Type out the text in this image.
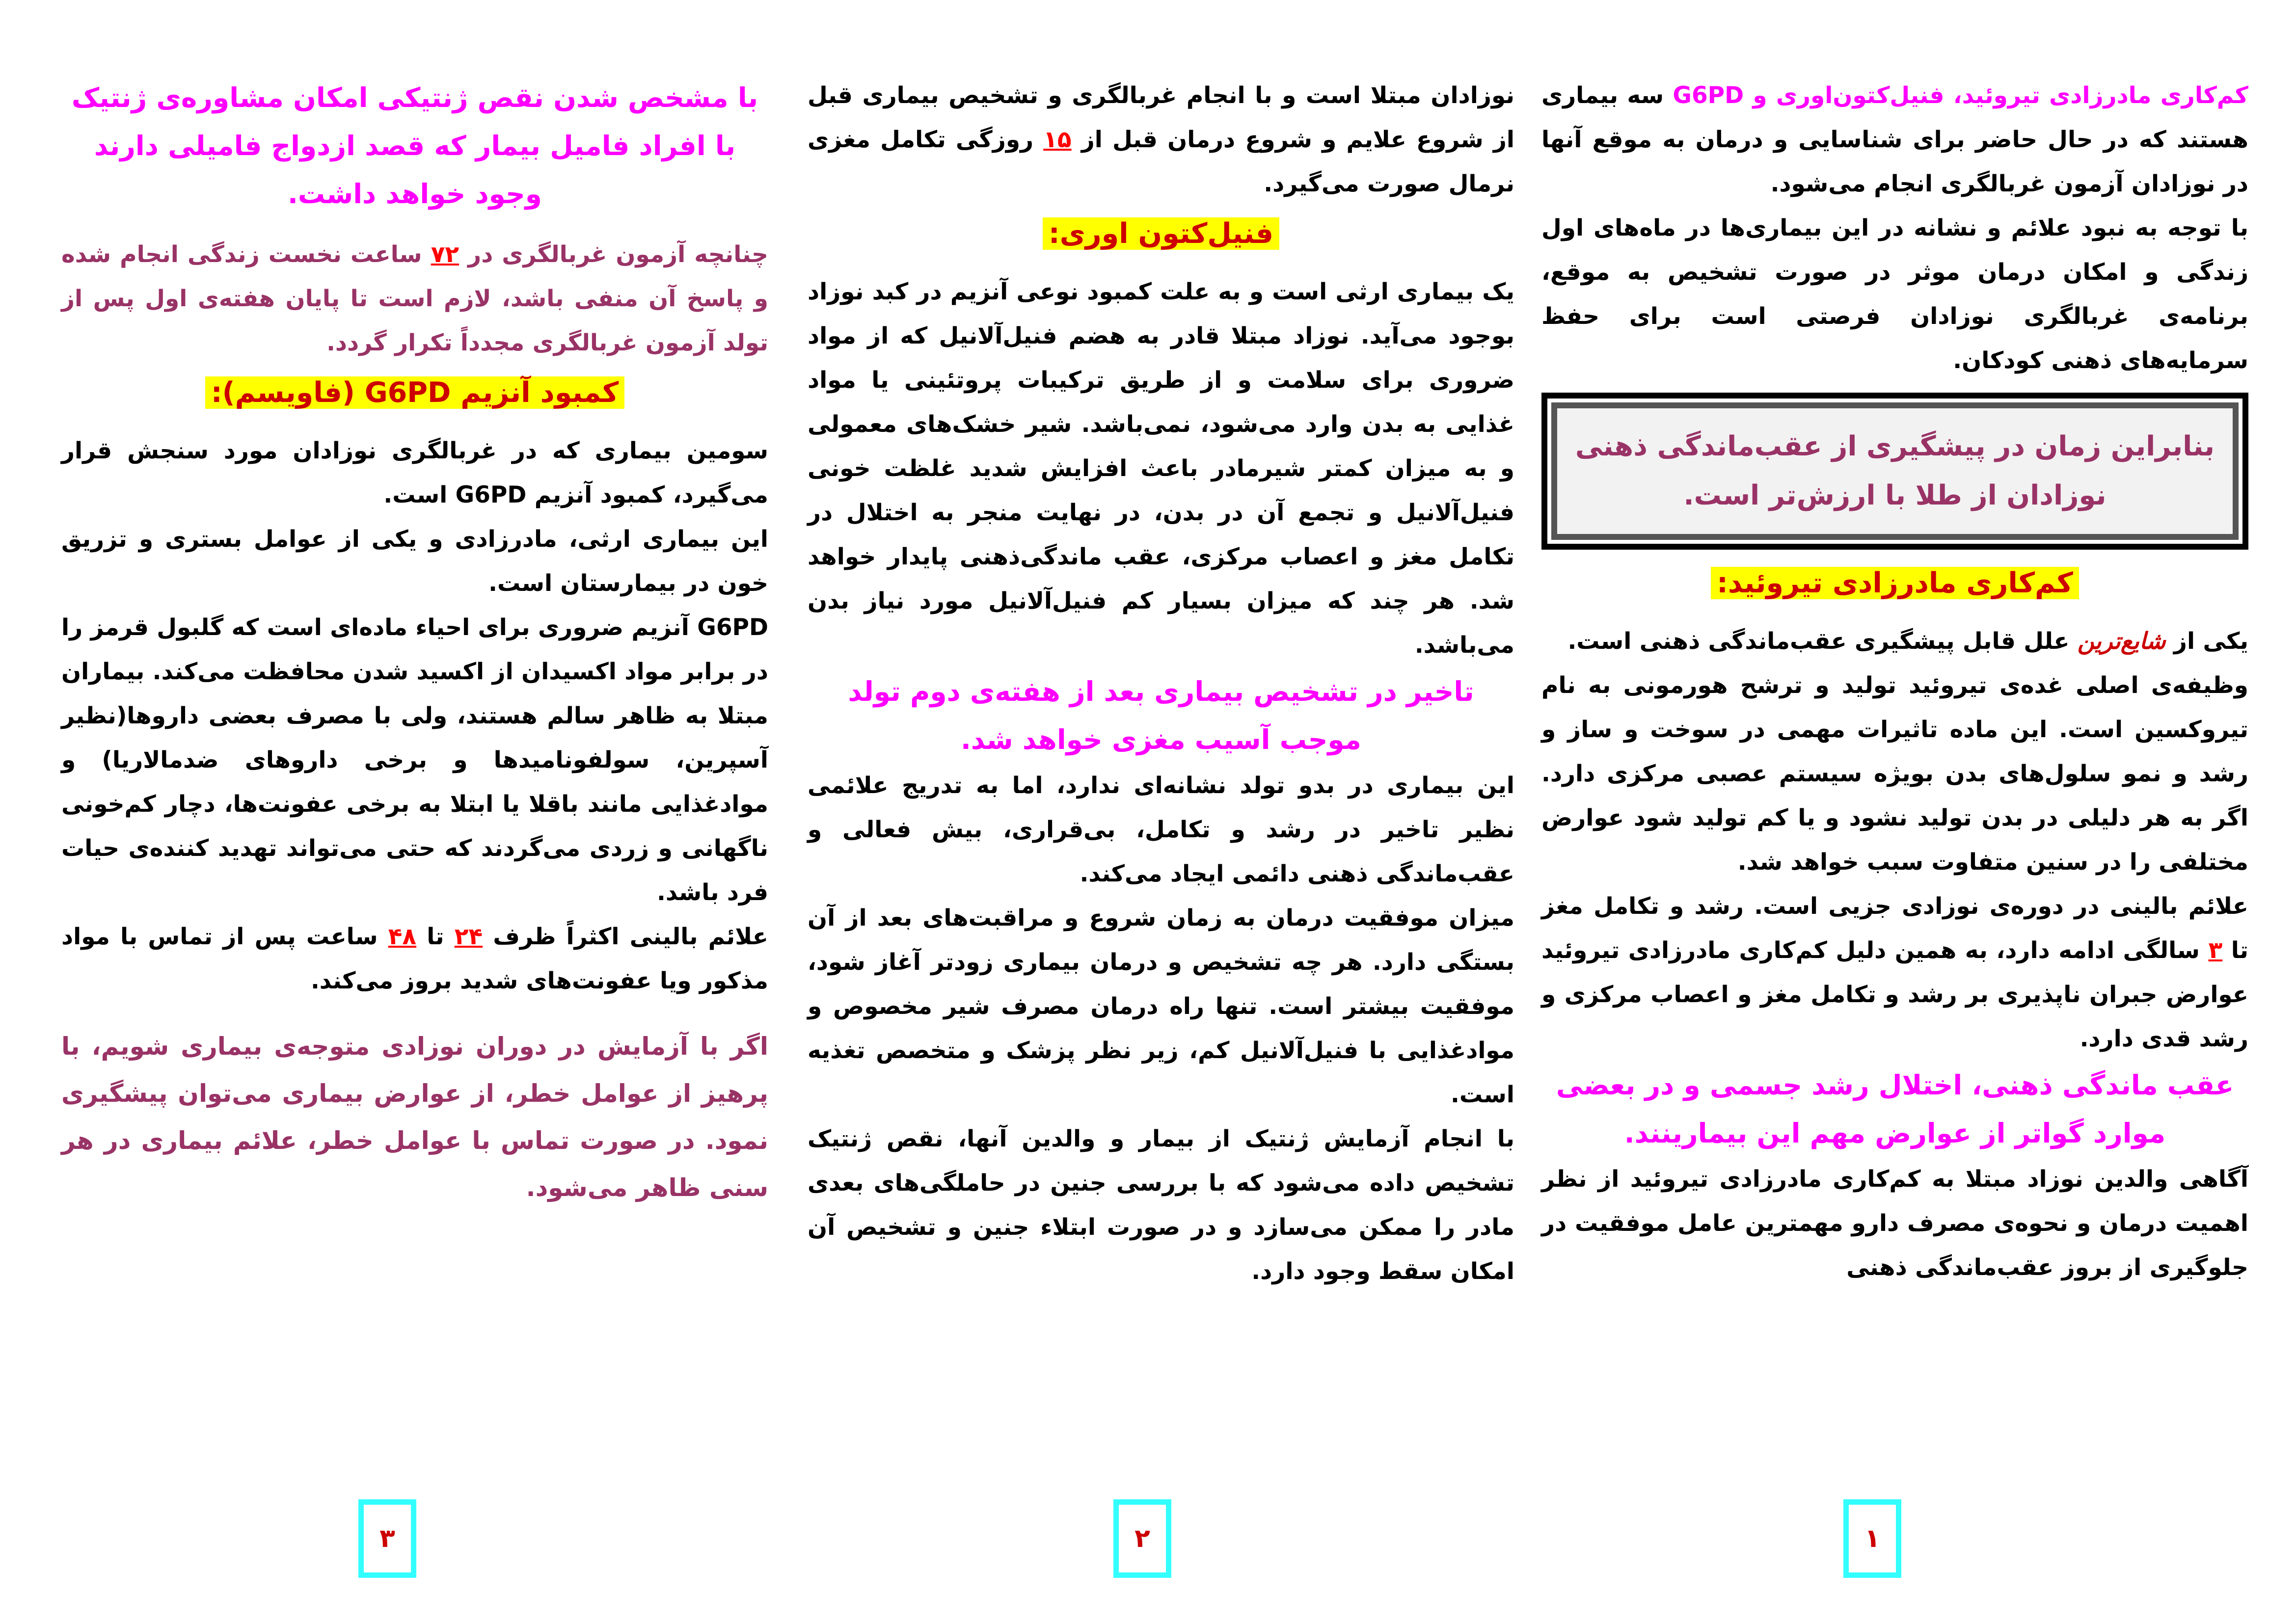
کم‌کاری مادرزادی تیروئید، فنیل‌کتون‌اوری و G6PD سه بیماری هستند که در حال حاضر برای شناسایی و درمان به موقع آنها در نوزادان آزمون غربالگری انجام می‌شود.

با توجه به نبود علائم و نشانه در این بیماری‌ها در ماه‌های اول زندگی و امکان درمان موثر در صورت تشخیص به موقع، برنامه‌ی غربالگری نوزادان فرصتی است برای حفظ سرمایه‌های ذهنی کودکان.

بنابراین زمان در پیشگیری از عقب‌ماندگی ذهنی نوزادان از طلا با ارزش‌تر است.
کم‌کاری مادرزادی تیروئید:

یکی از شایع‌ترین علل قابل پیشگیری عقب‌ماندگی ذهنی است.

وظیفه‌ی اصلی غده‌ی تیروئید تولید و ترشح هورمونی به نام تیروکسین است. این ماده تاثیرات مهمی در سوخت و ساز و رشد و نمو سلول‌های بدن بویژه سیستم عصبی مرکزی دارد. اگر به هر دلیلی در بدن تولید نشود و یا کم تولید شود عوارض مختلفی را در سنین متفاوت سبب خواهد شد.

علائم بالینی در دوره‌ی نوزادی جزیی است. رشد و تکامل مغز تا ۳ سالگی ادامه دارد، به همین دلیل کم‌کاری مادرزادی تیروئید عوارض جبران ناپذیری بر رشد و تکامل مغز و اعصاب مرکزی و رشد قدی دارد.

عقب ماندگی ذهنی، اختلال رشد جسمی و در بعضی موارد گواتر از عوارض مهم این بیمارینند.

آگاهی والدین نوزاد مبتلا به کم‌کاری مادرزادی تیروئید از نظر اهمیت درمان و نحوه‌ی مصرف دارو مهمترین عامل موفقیت در جلوگیری از بروز عقب‌ماندگی ذهنی

نوزادان مبتلا است و با انجام غربالگری و تشخیص بیماری قبل از شروع علایم و شروع درمان قبل از ۱۵ روزگی تکامل مغزی نرمال صورت می‌گیرد.

فنیل‌کتون اوری:

یک بیماری ارثی است و به علت کمبود نوعی آنزیم در کبد نوزاد بوجود می‌آید. نوزاد مبتلا قادر به هضم فنیل‌آلانیل که از مواد ضروری برای سلامت و از طریق ترکیبات پروتئینی یا مواد غذایی به بدن وارد می‌شود، نمی‌باشد. شیر خشک‌های معمولی و به میزان کمتر شیرمادر باعث افزایش شدید غلظت خونی فنیل‌آلانیل و تجمع آن در بدن، در نهایت منجر به اختلال در تکامل مغز و اعصاب مرکزی، عقب ماندگی‌ذهنی پایدار خواهد شد. هر چند که میزان بسیار کم فنیل‌آلانیل مورد نیاز بدن می‌باشد.

تاخیر در تشخیص بیماری بعد از هفته‌ی دوم تولد موجب آسیب مغزی خواهد شد.

این بیماری در بدو تولد نشانه‌ای ندارد، اما به تدریج علائمی نظیر تاخیر در رشد و تکامل، بی‌قراری، بیش فعالی و عقب‌ماندگی ذهنی دائمی ایجاد می‌کند.

میزان موفقیت درمان به زمان شروع و مراقبت‌های بعد از آن بستگی دارد. هر چه تشخیص و درمان بیماری زودتر آغاز شود، موفقیت بیشتر است. تنها راه درمان مصرف شیر مخصوص و موادغذایی با فنیل‌آلانیل کم، زیر نظر پزشک و متخصص تغذیه است.

با انجام آزمایش ژنتیک از بیمار و والدین آنها، نقص ژنتیک تشخیص داده می‌شود که با بررسی جنین در حاملگی‌های بعدی مادر را ممکن می‌سازد و در صورت ابتلاء جنین و تشخیص آن امکان سقط وجود دارد.

با مشخص شدن نقص ژنتیکی امکان مشاوره‌ی ژنتیک با افراد فامیل بیمار که قصد ازدواج فامیلی دارند وجود خواهد داشت.

چنانچه آزمون غربالگری در ۷۲ ساعت نخست زندگی انجام شده و پاسخ آن منفی باشد، لازم است تا پایان هفته‌ی اول پس از تولد آزمون غربالگری مجدداً تکرار گردد.

کمبود آنزیم G6PD (فاویسم):

سومین بیماری که در غربالگری نوزادان مورد سنجش قرار می‌گیرد، کمبود آنزیم G6PD است.

این بیماری ارثی، مادرزادی و یکی از عوامل بستری و تزریق خون در بیمارستان است.

G6PD آنزیم ضروری برای احیاء ماده‌ای است که گلبول قرمز را در برابر مواد اکسیدان از اکسید شدن محافظت می‌کند. بیماران مبتلا به ظاهر سالم هستند، ولی با مصرف بعضی داروها(نظیر آسپرین، سولفونامیدها و برخی داروهای ضدمالاریا) و موادغذایی مانند باقلا یا ابتلا به برخی عفونت‌ها، دچار کم‌خونی ناگهانی و زردی می‌گردند که حتی می‌تواند تهدید کننده‌ی حیات فرد باشد.

علائم بالینی اکثراً ظرف ۲۴ تا ۴۸ ساعت پس از تماس با مواد مذکور ویا عفونت‌های شدید بروز می‌کند.

اگر با آزمایش در دوران نوزادی متوجه‌ی بیماری شویم، با پرهیز از عوامل خطر، از عوارض بیماری می‌توان پیشگیری نمود. در صورت تماس با عوامل خطر، علائم بیماری در هر سنی ظاهر می‌شود.

۱
۲
۳
